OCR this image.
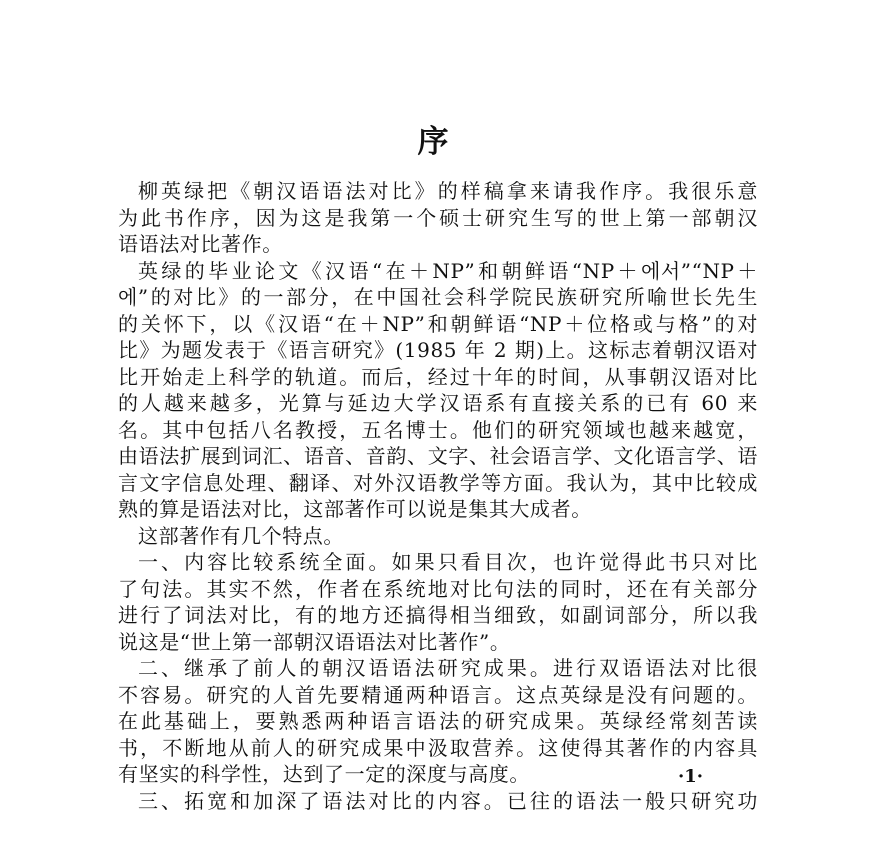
序
柳英绿把《朝汉语语法对比》的样稿拿来请我作序。我很乐意
为此书作序，因为这是我第一个硕士研究生写的世上第一部朝汉
语语法对比著作。
英绿的毕业论文《汉语“在＋NP”和朝鲜语“NP＋에서”“NP＋
에”的对比》的一部分，在中国社会科学院民族研究所喻世长先生
的关怀下，以《汉语“在＋NP”和朝鲜语“NP＋位格或与格”的对
比》为题发表于《语言研究》(1985 年 2 期)上。这标志着朝汉语对
比开始走上科学的轨道。而后，经过十年的时间，从事朝汉语对比
的人越来越多，光算与延边大学汉语系有直接关系的已有 60 来
名。其中包括八名教授，五名博士。他们的研究领域也越来越宽，
由语法扩展到词汇、语音、音韵、文字、社会语言学、文化语言学、语
言文字信息处理、翻译、对外汉语教学等方面。我认为，其中比较成
熟的算是语法对比，这部著作可以说是集其大成者。
这部著作有几个特点。
一、内容比较系统全面。如果只看目次，也许觉得此书只对比
了句法。其实不然，作者在系统地对比句法的同时，还在有关部分
进行了词法对比，有的地方还搞得相当细致，如副词部分，所以我
说这是“世上第一部朝汉语语法对比著作”。
二、继承了前人的朝汉语语法研究成果。进行双语语法对比很
不容易。研究的人首先要精通两种语言。这点英绿是没有问题的。
在此基础上，要熟悉两种语言语法的研究成果。英绿经常刻苦读
书，不断地从前人的研究成果中汲取营养。这使得其著作的内容具
有坚实的科学性，达到了一定的深度与高度。
三、拓宽和加深了语法对比的内容。已往的语法一般只研究功
·1·
